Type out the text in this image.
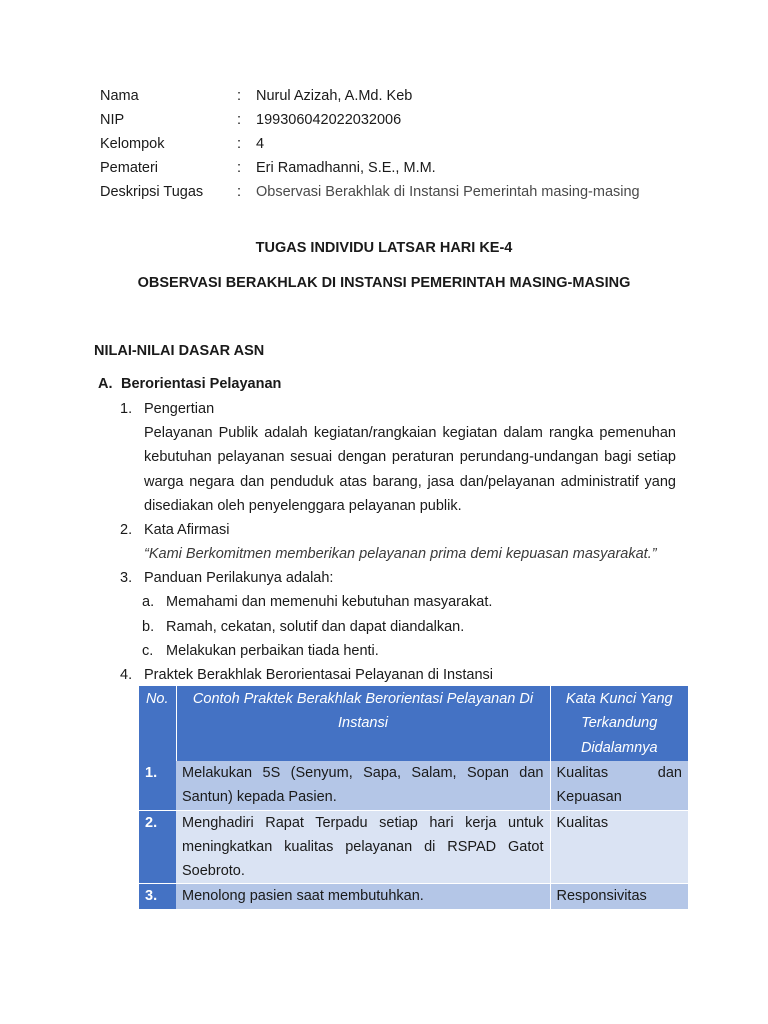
Nama	:	Nurul Azizah, A.Md. Keb
NIP	:	199306042022032006
Kelompok	:	4
Pemateri	:	Eri Ramadhanni, S.E., M.M.
Deskripsi Tugas	:	Observasi Berakhlak di Instansi Pemerintah masing-masing
TUGAS INDIVIDU LATSAR HARI KE-4
OBSERVASI BERAKHLAK DI INSTANSI PEMERINTAH MASING-MASING
NILAI-NILAI DASAR ASN
A. Berorientasi Pelayanan
1. Pengertian
Pelayanan Publik adalah kegiatan/rangkaian kegiatan dalam rangka pemenuhan kebutuhan pelayanan sesuai dengan peraturan perundang-undangan bagi setiap warga negara dan penduduk atas barang, jasa dan/pelayanan administratif yang disediakan oleh penyelenggara pelayanan publik.
2. Kata Afirmasi
“Kami Berkomitmen memberikan pelayanan prima demi kepuasan masyarakat.”
3. Panduan Perilakunya adalah:
a. Memahami dan memenuhi kebutuhan masyarakat.
b. Ramah, cekatan, solutif dan dapat diandalkan.
c. Melakukan perbaikan tiada henti.
4. Praktek Berakhlak Berorientasai Pelayanan di Instansi
No.	Contoh Praktek Berakhlak Berorientasi Pelayanan Di Instansi	Kata Kunci Yang Terkandung Didalamnya
1.	Melakukan 5S (Senyum, Sapa, Salam, Sopan dan Santun) kepada Pasien.	Kualitas dan
Kepuasan

2.	Menghadiri Rapat Terpadu setiap hari kerja untuk meningkatkan kualitas pelayanan di RSPAD Gatot Soebroto.	Kualitas
3.	Menolong pasien saat membutuhkan.	Responsivitas
